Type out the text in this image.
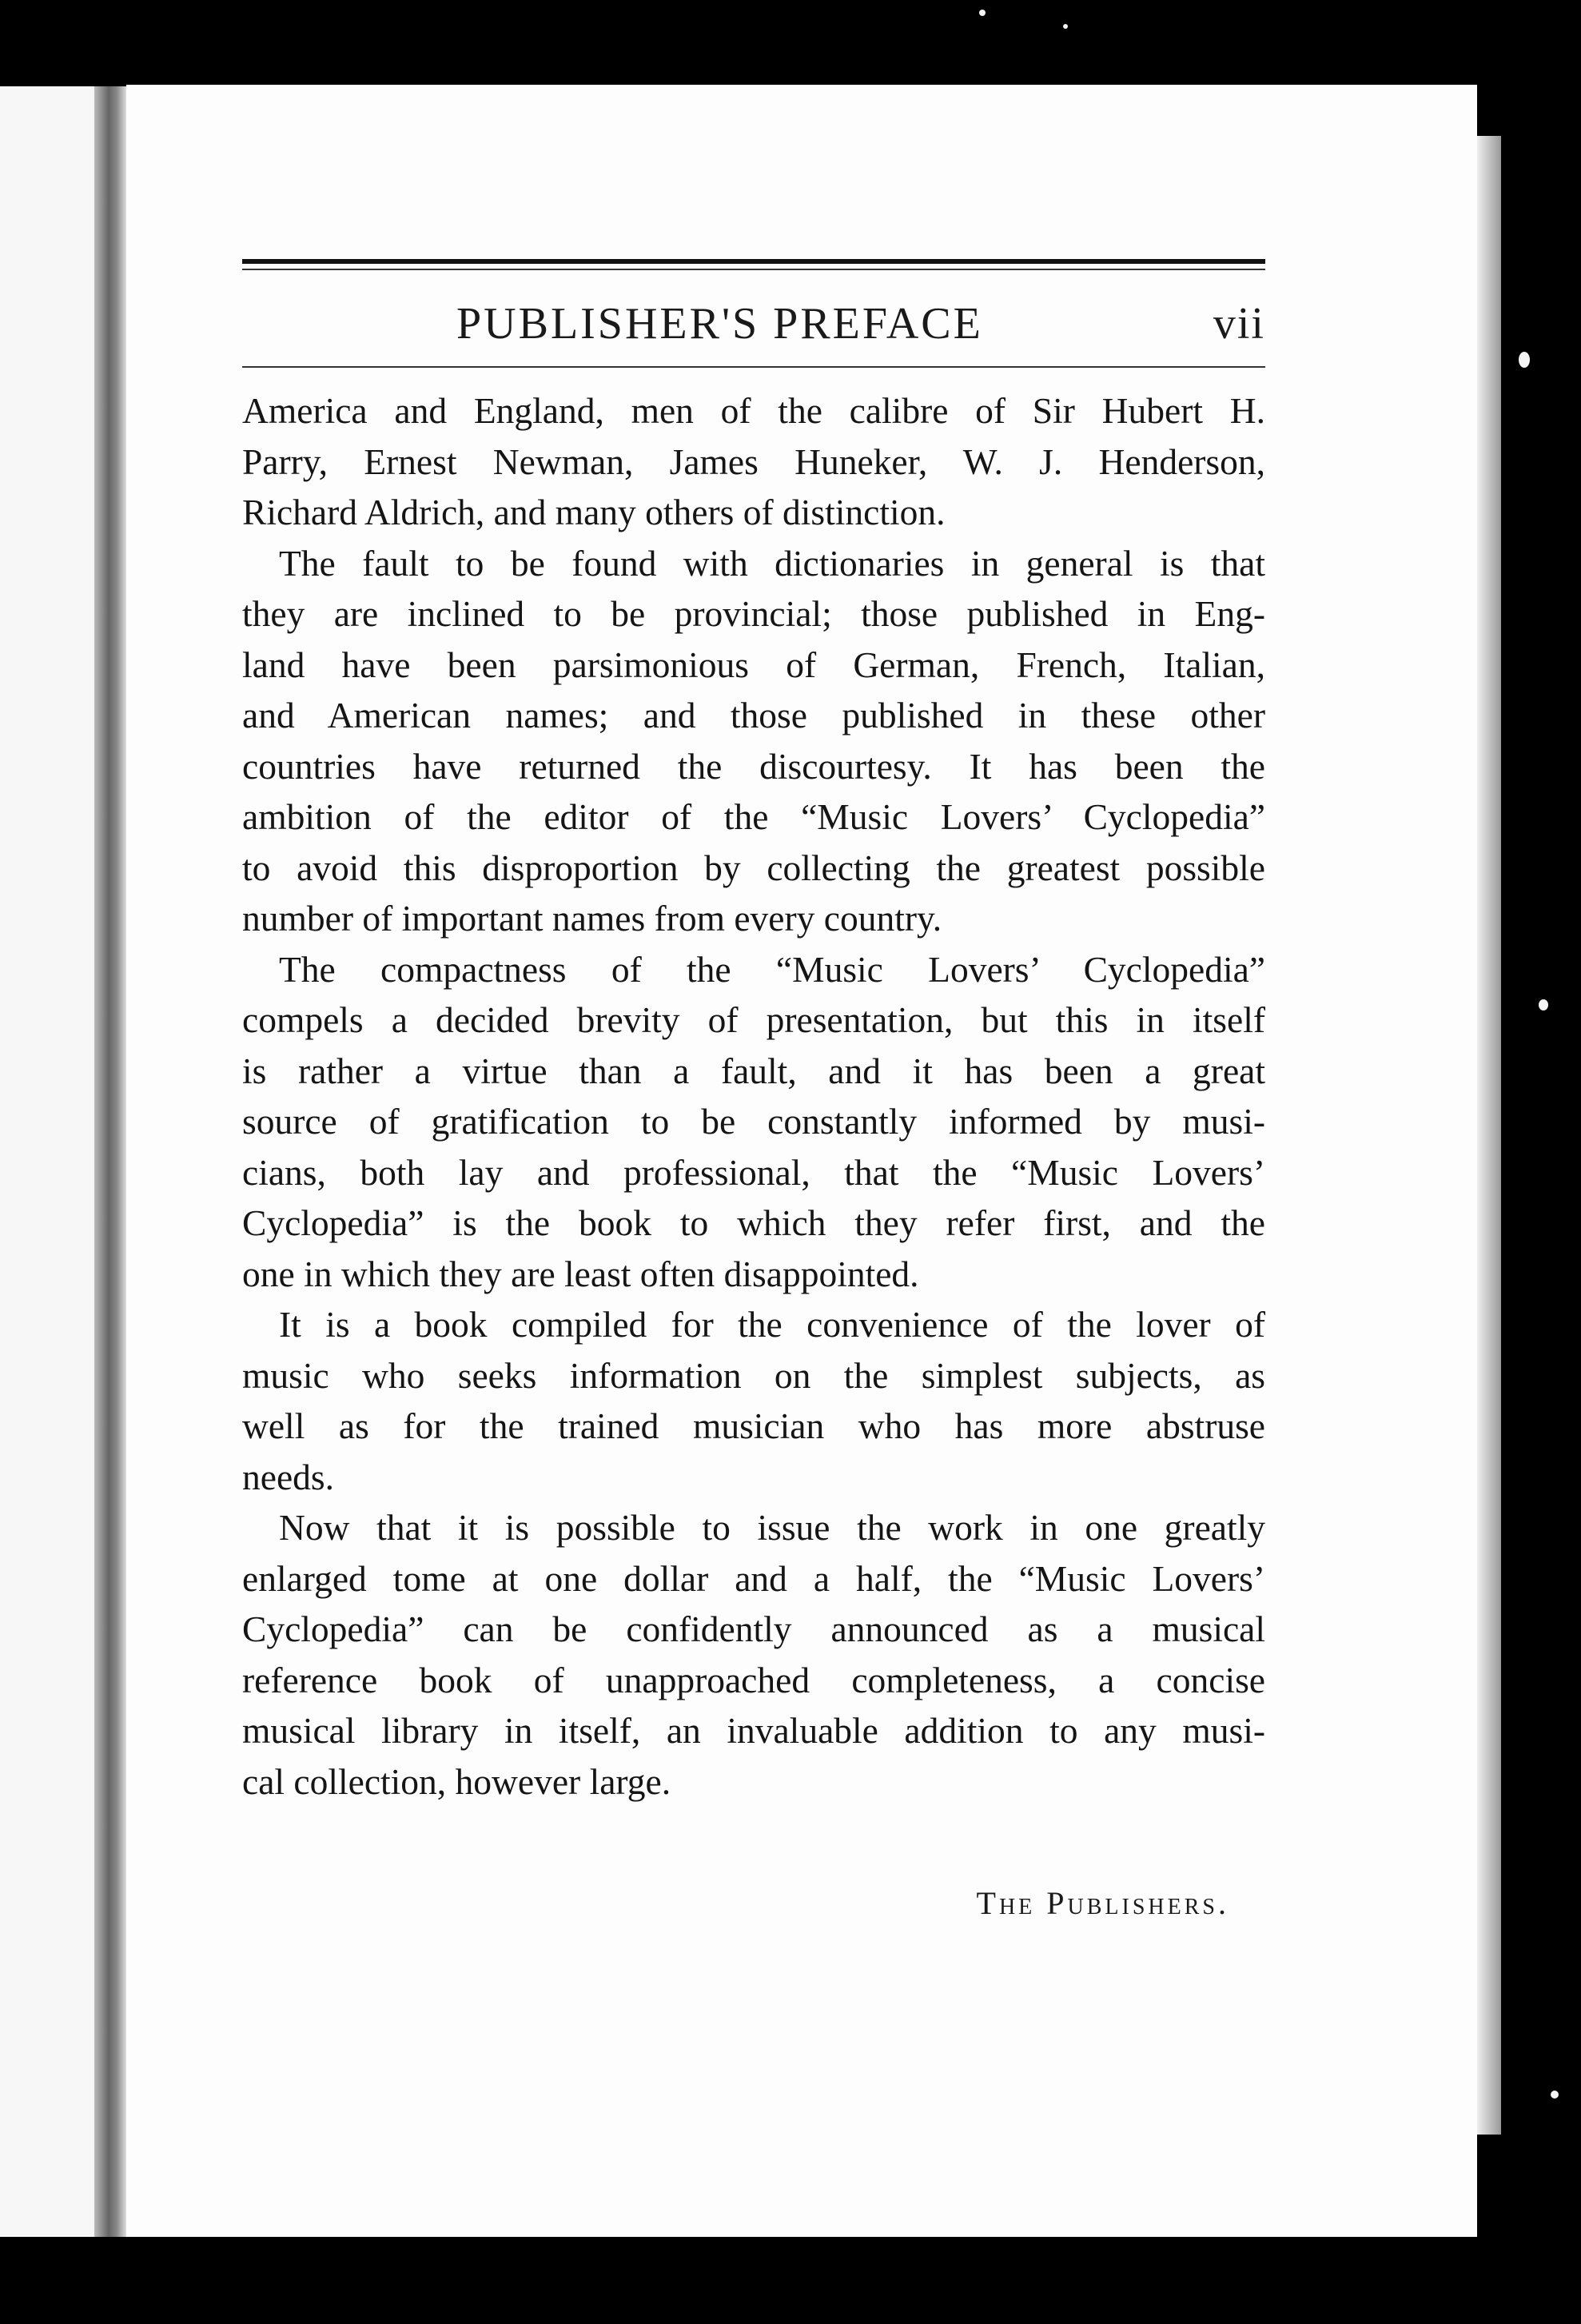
PUBLISHER'S PREFACE	vii
America and England, men of the calibre of Sir Hubert H.
Parry, Ernest Newman, James Huneker, W. J. Henderson,
Richard Aldrich, and many others of distinction.
The fault to be found with dictionaries in general is that
they are inclined to be provincial; those published in Eng-
land have been parsimonious of German, French, Italian,
and American names; and those published in these other
countries have returned the discourtesy. It has been the
ambition of the editor of the “Music Lovers’ Cyclopedia”
to avoid this disproportion by collecting the greatest possible
number of important names from every country.
The compactness of the “Music Lovers’ Cyclopedia”
compels a decided brevity of presentation, but this in itself
is rather a virtue than a fault, and it has been a great
source of gratification to be constantly informed by musi-
cians, both lay and professional, that the “Music Lovers’
Cyclopedia” is the book to which they refer first, and the
one in which they are least often disappointed.
It is a book compiled for the convenience of the lover of
music who seeks information on the simplest subjects, as
well as for the trained musician who has more abstruse
needs.
Now that it is possible to issue the work in one greatly
enlarged tome at one dollar and a half, the “Music Lovers’
Cyclopedia” can be confidently announced as a musical
reference book of unapproached completeness, a concise
musical library in itself, an invaluable addition to any musi-
cal collection, however large.
The Publishers.
